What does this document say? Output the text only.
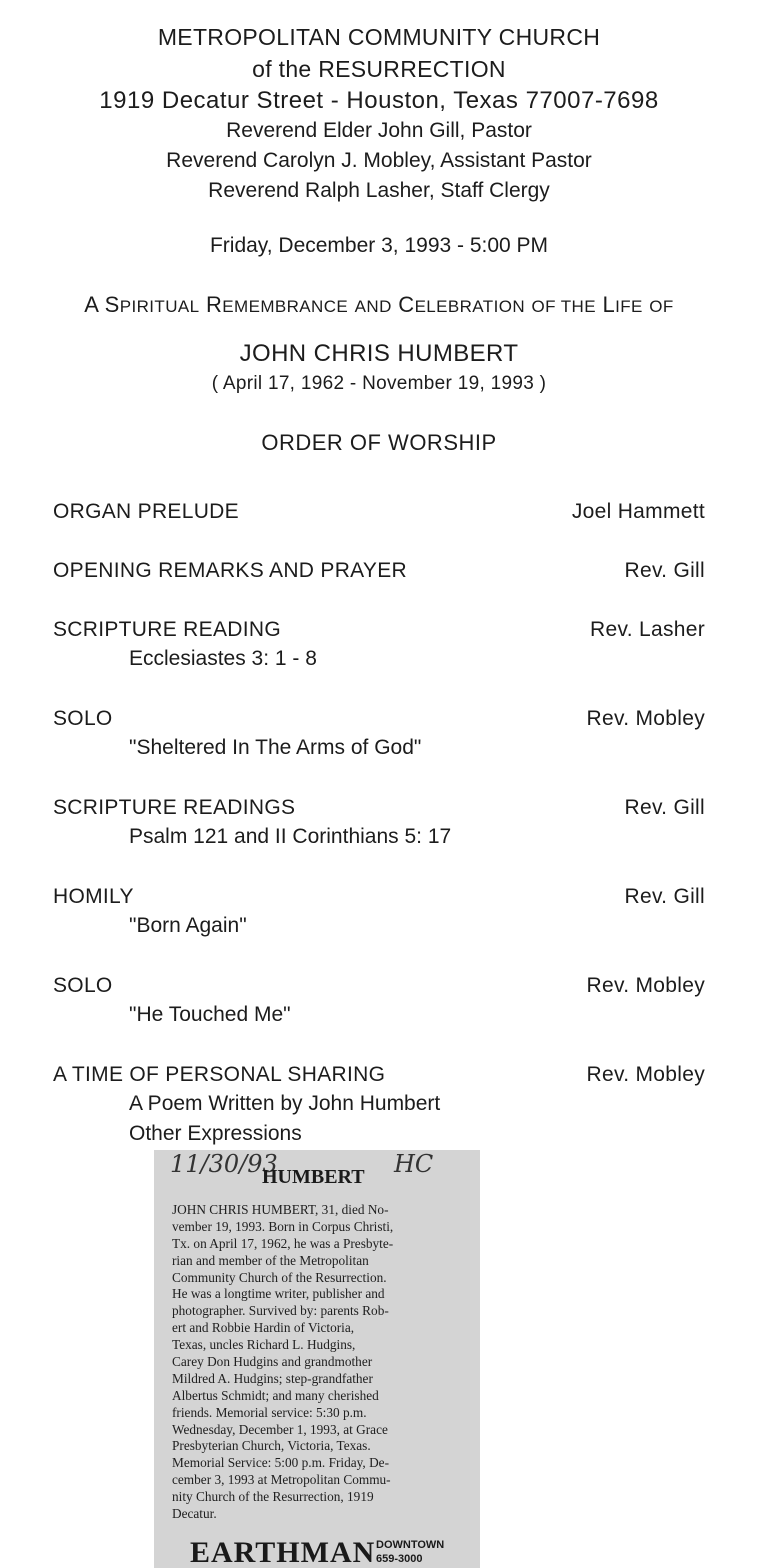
METROPOLITAN COMMUNITY CHURCH
of the RESURRECTION
1919 Decatur Street - Houston, Texas 77007-7698
Reverend Elder John Gill, Pastor
Reverend Carolyn J. Mobley, Assistant Pastor
Reverend Ralph Lasher, Staff Clergy
Friday, December 3, 1993 - 5:00 PM
A SPIRITUAL REMEMBRANCE AND CELEBRATION OF THE LIFE OF
JOHN CHRIS HUMBERT
( April 17, 1962 - November 19, 1993 )
ORDER OF WORSHIP
ORGAN PRELUDE	Joel Hammett
OPENING REMARKS AND PRAYER	Rev. Gill
SCRIPTURE READING	Rev. Lasher
Ecclesiastes 3: 1 - 8
SOLO	Rev. Mobley
"Sheltered In The Arms of God"
SCRIPTURE READINGS	Rev. Gill
Psalm 121 and II Corinthians 5: 17
HOMILY	Rev. Gill
"Born Again"
SOLO	Rev. Mobley
"He Touched Me"
A TIME OF PERSONAL SHARING	Rev. Mobley
A Poem Written by John Humbert
Other Expressions
11/30/93	HC
HUMBERT
JOHN CHRIS HUMBERT, 31, died No-
vember 19, 1993. Born in Corpus Christi,
Tx. on April 17, 1962, he was a Presbyte-
rian and member of the Metropolitan
Community Church of the Resurrection.
He was a longtime writer, publisher and
photographer. Survived by: parents Rob-
ert and Robbie Hardin of Victoria,
Texas, uncles Richard L. Hudgins,
Carey Don Hudgins and grandmother
Mildred A. Hudgins; step-grandfather
Albertus Schmidt; and many cherished
friends. Memorial service: 5:30 p.m.
Wednesday, December 1, 1993, at Grace
Presbyterian Church, Victoria, Texas.
Memorial Service: 5:00 p.m. Friday, De-
cember 3, 1993 at Metropolitan Commu-
nity Church of the Resurrection, 1919
Decatur.
EARTHMAN DOWNTOWN
659-3000
